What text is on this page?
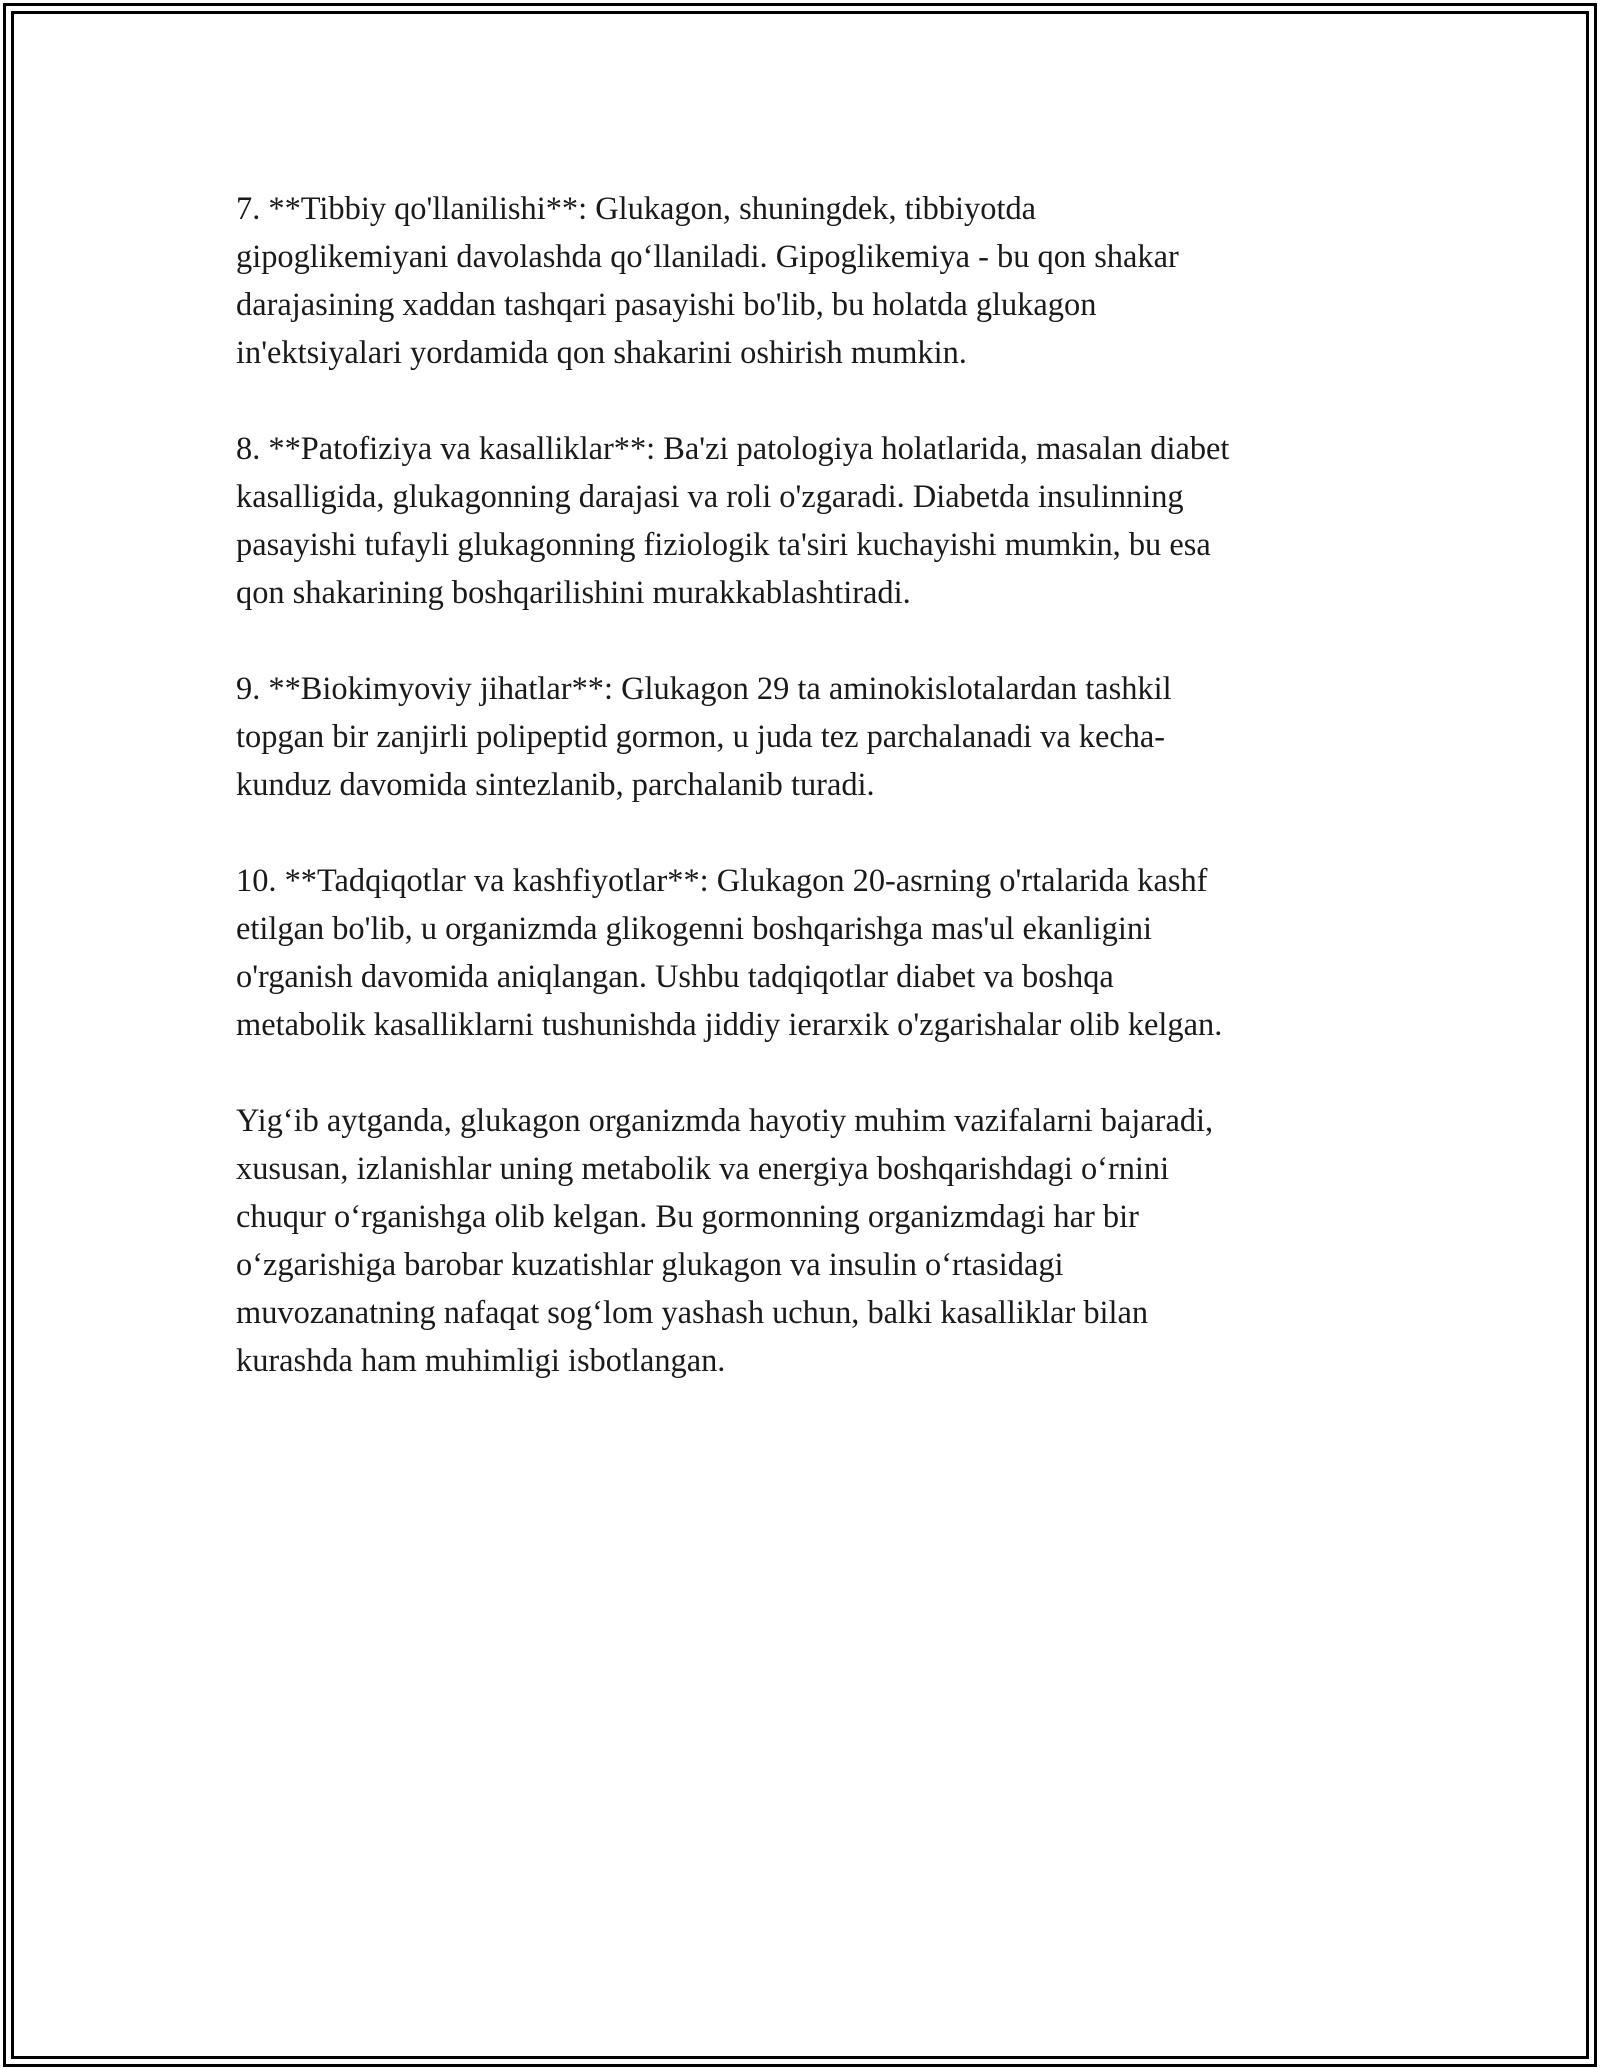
7. **Tibbiy qo'llanilishi**: Glukagon, shuningdek, tibbiyotda
gipoglikemiyani davolashda qo‘llaniladi. Gipoglikemiya - bu qon shakar
darajasining xaddan tashqari pasayishi bo'lib, bu holatda glukagon
in'ektsiyalari yordamida qon shakarini oshirish mumkin.

8. **Patofiziya va kasalliklar**: Ba'zi patologiya holatlarida, masalan diabet
kasalligida, glukagonning darajasi va roli o'zgaradi. Diabetda insulinning
pasayishi tufayli glukagonning fiziologik ta'siri kuchayishi mumkin, bu esa
qon shakarining boshqarilishini murakkablashtiradi.

9. **Biokimyoviy jihatlar**: Glukagon 29 ta aminokislotalardan tashkil
topgan bir zanjirli polipeptid gormon, u juda tez parchalanadi va kecha-
kunduz davomida sintezlanib, parchalanib turadi.

10. **Tadqiqotlar va kashfiyotlar**: Glukagon 20-asrning o'rtalarida kashf
etilgan bo'lib, u organizmda glikogenni boshqarishga mas'ul ekanligini
o'rganish davomida aniqlangan. Ushbu tadqiqotlar diabet va boshqa
metabolik kasalliklarni tushunishda jiddiy ierarxik o'zgarishalar olib kelgan.

Yig‘ib aytganda, glukagon organizmda hayotiy muhim vazifalarni bajaradi,
xususan, izlanishlar uning metabolik va energiya boshqarishdagi o‘rnini
chuqur o‘rganishga olib kelgan. Bu gormonning organizmdagi har bir
o‘zgarishiga barobar kuzatishlar glukagon va insulin o‘rtasidagi
muvozanatning nafaqat sog‘lom yashash uchun, balki kasalliklar bilan
kurashda ham muhimligi isbotlangan.
